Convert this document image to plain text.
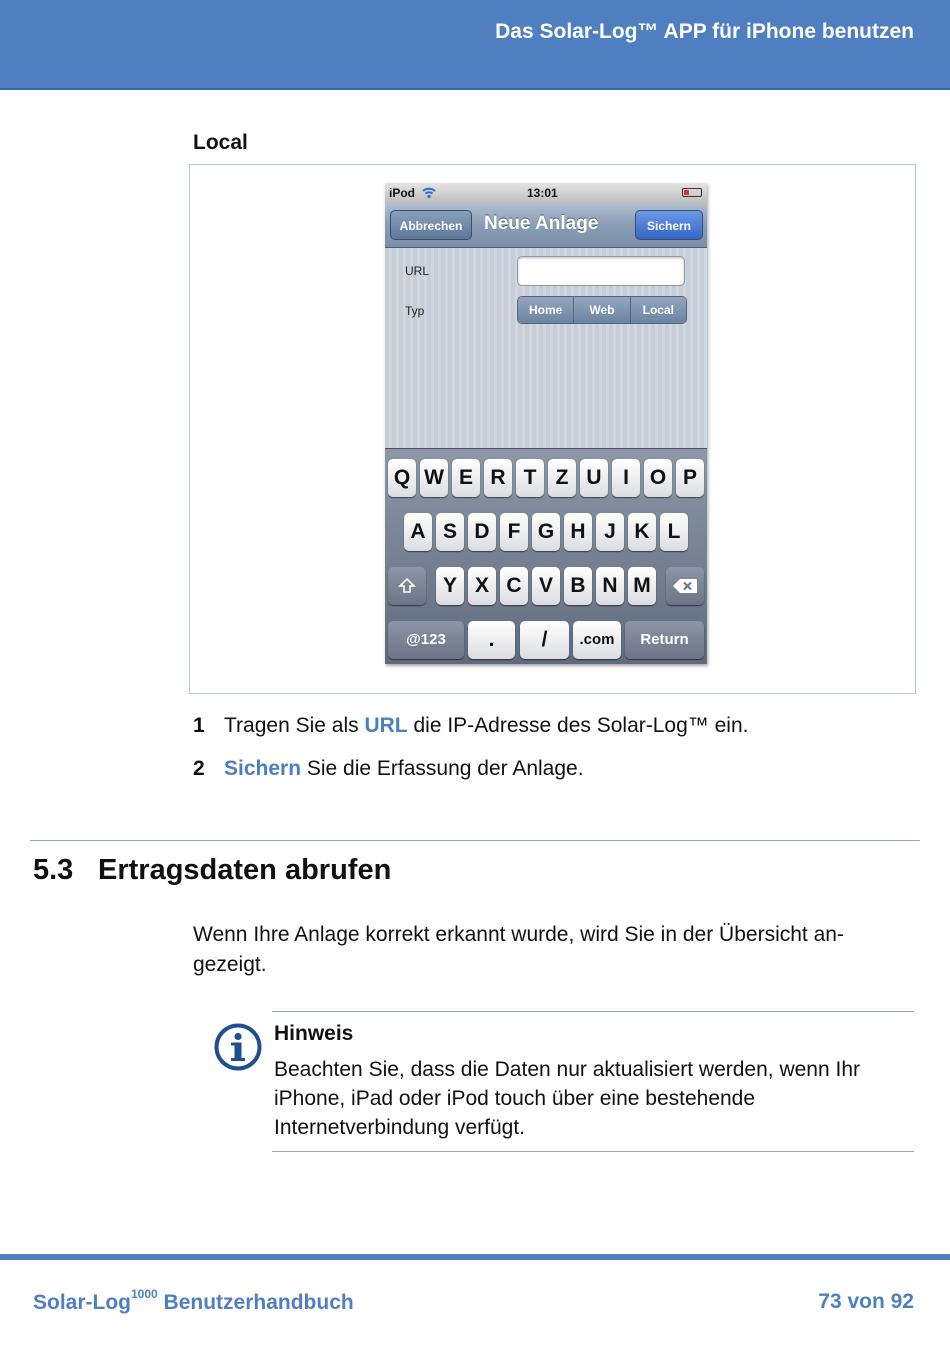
Das Solar-Log™ APP für iPhone benutzen
Local
iPod	13:01
Abbrechen	Neue Anlage	Sichern
URL
Typ	Home	Web	Local
Q W E R T Z U	I O P
A S D F G H J K L
Y X C V B N M
@123	.	/	.com	Return
1 Tragen Sie als URL die IP-Adresse des Solar-Log™ ein.
2 Sichern Sie die Erfassung der Anlage.
5.3 Ertragsdaten abrufen
Wenn Ihre Anlage korrekt erkannt wurde, wird Sie in der Übersicht an-gezeigt.
Hinweis
Beachten Sie, dass die Daten nur aktualisiert werden, wenn Ihr iPhone, iPad oder iPod touch über eine bestehende Internetverbindung verfügt.
Solar-Log$^{1000}$ Benutzerhandbuch	73 von 92
